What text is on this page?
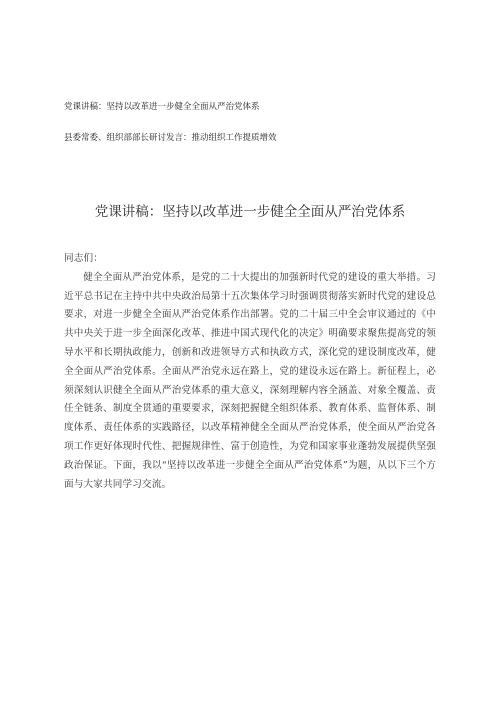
党课讲稿：坚持以改革进一步健全全面从严治党体系
县委常委、组织部部长研讨发言：推动组织工作提质增效
党课讲稿：坚持以改革进一步健全全面从严治党体系

同志们：

健全全面从严治党体系，是党的二十大提出的加强新时代党的建设的重大举措。习近平总书记在主持中共中央政治局第十五次集体学习时强调贯彻落实新时代党的建设总要求，对进一步健全全面从严治党体系作出部署。党的二十届三中全会审议通过的《中共中央关于进一步全面深化改革、推进中国式现代化的决定》明确要求聚焦提高党的领导水平和长期执政能力，创新和改进领导方式和执政方式，深化党的建设制度改革，健全全面从严治党体系。全面从严治党永远在路上，党的建设永远在路上。新征程上，必须深刻认识健全全面从严治党体系的重大意义，深刻理解内容全涵盖、对象全覆盖、责任全链条、制度全贯通的重要要求，深刻把握健全组织体系、教育体系、监督体系、制度体系、责任体系的实践路径，以改革精神健全全面从严治党体系，使全面从严治党各项工作更好体现时代性、把握规律性、富于创造性，为党和国家事业蓬勃发展提供坚强政治保证。下面，我以“坚持以改革进一步健全全面从严治党体系”为题，从以下三个方面与大家共同学习交流。
